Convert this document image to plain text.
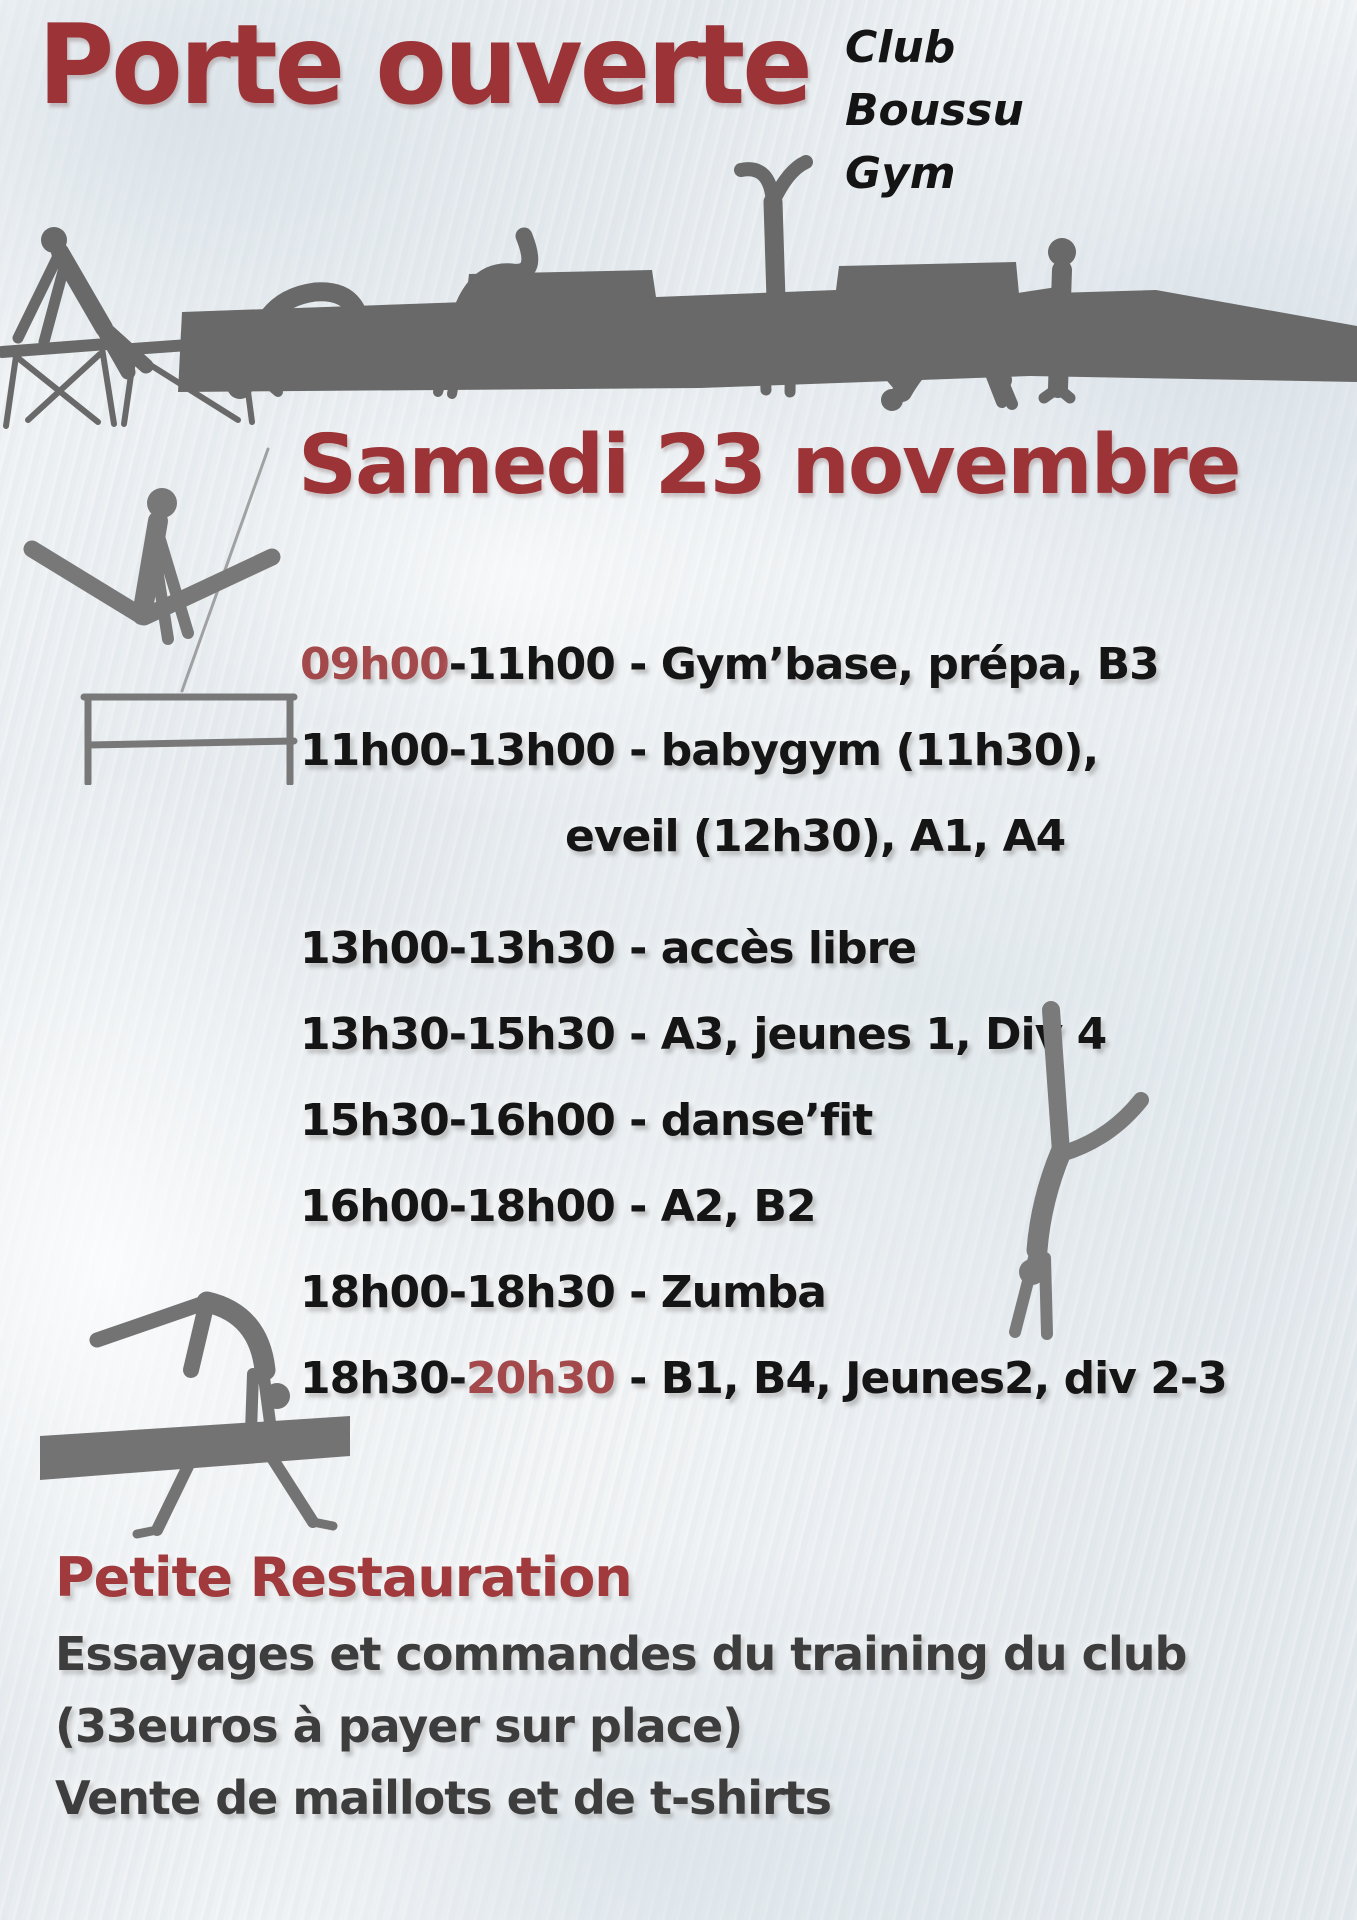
Porte ouverte Club
Boussu
Gym
Samedi 23 novembre
09h00-11h00 - Gym’base, prépa, B3
11h00-13h00 - babygym (11h30),
eveil (12h30), A1, A4
13h00-13h30 - accès libre
13h30-15h30 - A3, jeunes 1, Div 4
15h30-16h00 - danse’fit
16h00-18h00 - A2, B2
18h00-18h30 - Zumba
18h30-20h30 - B1, B4, Jeunes2, div 2-3
Petite Restauration
Essayages et commandes du training du club
(33euros à payer sur place)
Vente de maillots et de t-shirts
